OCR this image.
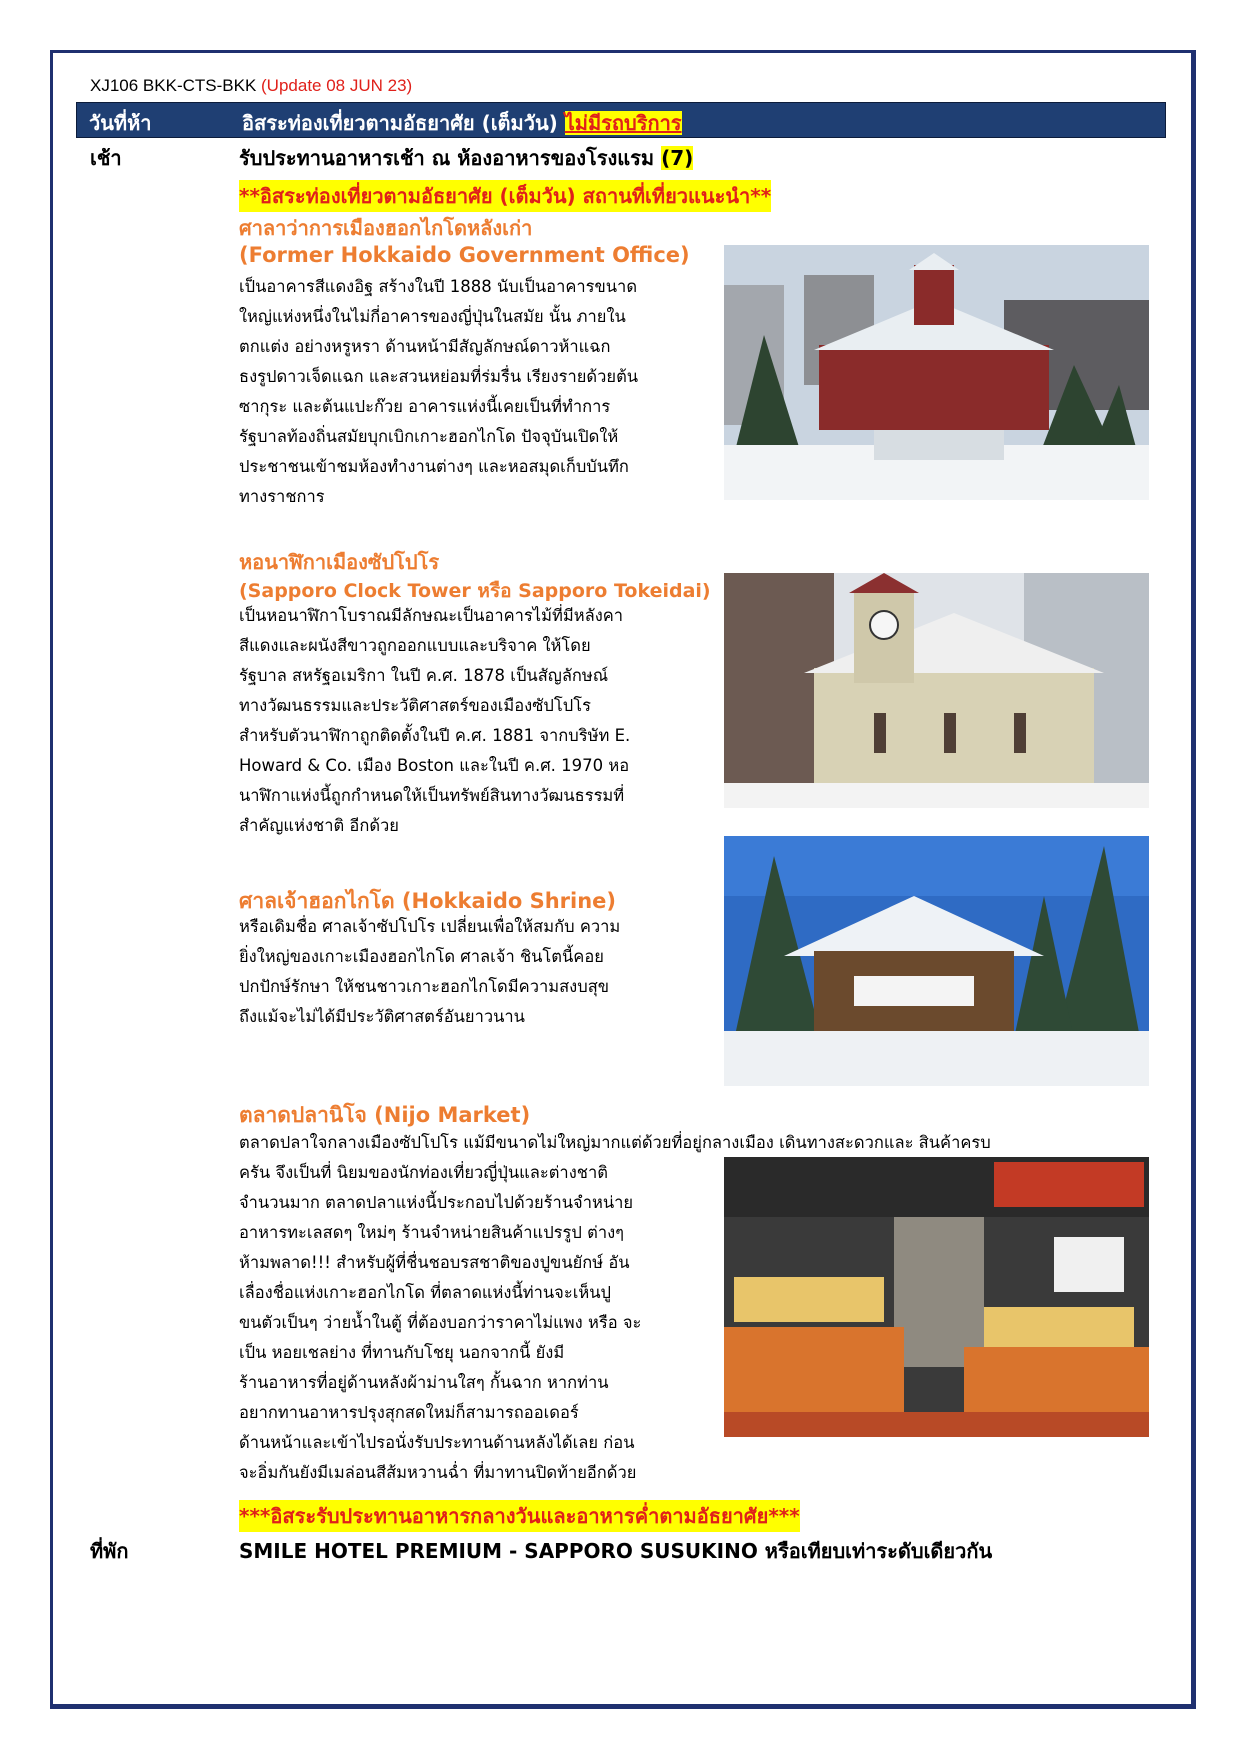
XJ106 BKK-CTS-BKK (Update 08 JUN 23)
วันที่ห้า	อิสระท่องเที่ยวตามอัธยาศัย (เต็มวัน) ไม่มีรถบริการ
เช้า	รับประทานอาหารเช้า ณ ห้องอาหารของโรงแรม (7)
**อิสระท่องเที่ยวตามอัธยาศัย (เต็มวัน) สถานที่เที่ยวแนะนำ**
ศาลาว่าการเมืองฮอกไกโดหลังเก่า
(Former Hokkaido Government Office)
เป็นอาคารสีแดงอิฐ สร้างในปี 1888 นับเป็นอาคารขนาด
ใหญ่แห่งหนึ่งในไม่กี่อาคารของญี่ปุ่นในสมัย นั้น ภายใน
ตกแต่ง อย่างหรูหรา ด้านหน้ามีสัญลักษณ์ดาวห้าแฉก
ธงรูปดาวเจ็ดแฉก และสวนหย่อมที่ร่มรื่น เรียงรายด้วยต้น
ซากุระ และต้นแปะก๊วย อาคารแห่งนี้เคยเป็นที่ทำการ
รัฐบาลท้องถิ่นสมัยบุกเบิกเกาะฮอกไกโด ปัจจุบันเปิดให้
ประชาชนเข้าชมห้องทำงานต่างๆ และหอสมุดเก็บบันทึก
ทางราชการ
หอนาฬิกาเมืองซัปโปโร
(Sapporo Clock Tower หรือ Sapporo Tokeidai)
เป็นหอนาฬิกาโบราณมีลักษณะเป็นอาคารไม้ที่มีหลังคา
สีแดงและผนังสีขาวถูกออกแบบและบริจาค ให้โดย
รัฐบาล สหรัฐอเมริกา ในปี ค.ศ. 1878 เป็นสัญลักษณ์
ทางวัฒนธรรมและประวัติศาสตร์ของเมืองซัปโปโร
สำหรับตัวนาฬิกาถูกติดตั้งในปี ค.ศ. 1881 จากบริษัท E.
Howard & Co. เมือง Boston และในปี ค.ศ. 1970 หอ
นาฬิกาแห่งนี้ถูกกำหนดให้เป็นทรัพย์สินทางวัฒนธรรมที่
สำคัญแห่งชาติ อีกด้วย
ศาลเจ้าฮอกไกโด (Hokkaido Shrine)
หรือเดิมชื่อ ศาลเจ้าซัปโปโร เปลี่ยนเพื่อให้สมกับ ความ
ยิ่งใหญ่ของเกาะเมืองฮอกไกโด ศาลเจ้า ชินโตนี้คอย
ปกปักษ์รักษา ให้ชนชาวเกาะฮอกไกโดมีความสงบสุข
ถึงแม้จะไม่ได้มีประวัติศาสตร์อันยาวนาน
ตลาดปลานิโจ (Nijo Market)
ตลาดปลาใจกลางเมืองซัปโปโร แม้มีขนาดไม่ใหญ่มากแต่ด้วยที่อยู่กลางเมือง เดินทางสะดวกและ สินค้าครบ
ครัน จึงเป็นที่ นิยมของนักท่องเที่ยวญี่ปุ่นและต่างชาติ
จำนวนมาก ตลาดปลาแห่งนี้ประกอบไปด้วยร้านจำหน่าย
อาหารทะเลสดๆ ใหม่ๆ ร้านจำหน่ายสินค้าแปรรูป ต่างๆ
ห้ามพลาด!!! สำหรับผู้ที่ชื่นชอบรสชาติของปูขนยักษ์ อัน
เลื่องชื่อแห่งเกาะฮอกไกโด ที่ตลาดแห่งนี้ท่านจะเห็นปู
ขนตัวเป็นๆ ว่ายน้ำในตู้ ที่ต้องบอกว่าราคาไม่แพง หรือ จะ
เป็น หอยเชลย่าง ที่ทานกับโชยุ นอกจากนี้ ยังมี
ร้านอาหารที่อยู่ด้านหลังผ้าม่านใสๆ กั้นฉาก หากท่าน
อยากทานอาหารปรุงสุกสดใหม่ก็สามารถออเดอร์
ด้านหน้าและเข้าไปรอนั่งรับประทานด้านหลังได้เลย ก่อน
จะอิ่มกันยังมีเมล่อนสีส้มหวานฉ่ำ ที่มาทานปิดท้ายอีกด้วย
***อิสระรับประทานอาหารกลางวันและอาหารค่ำตามอัธยาศัย***
ที่พัก	SMILE HOTEL PREMIUM - SAPPORO SUSUKINO หรือเทียบเท่าระดับเดียวกัน
